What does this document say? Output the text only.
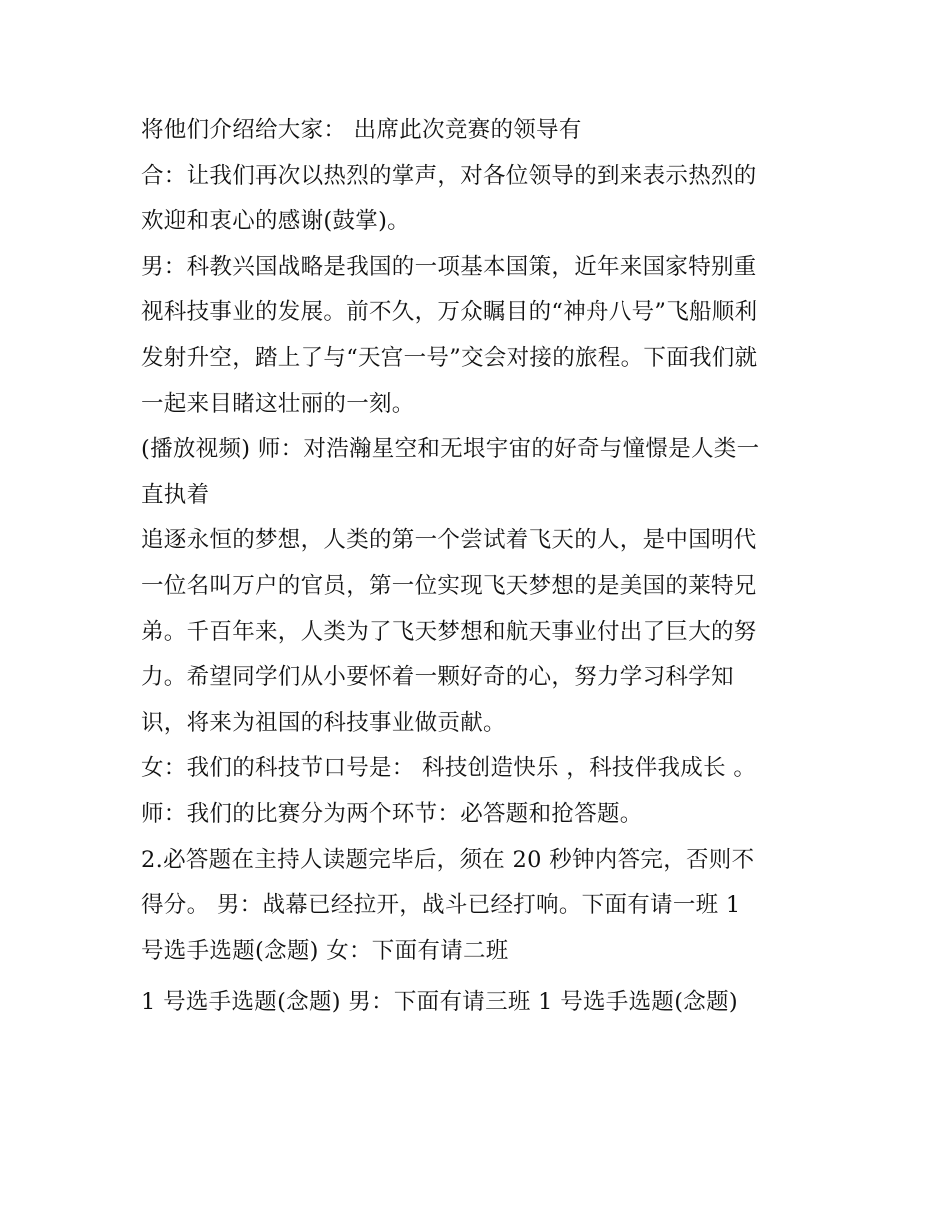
将他们介绍给大家： 出席此次竞赛的领导有
合：让我们再次以热烈的掌声，对各位领导的到来表示热烈的
欢迎和衷心的感谢(鼓掌)。
男：科教兴国战略是我国的一项基本国策，近年来国家特别重
视科技事业的发展。前不久，万众瞩目的“神舟八号”飞船顺利
发射升空，踏上了与“天宫一号”交会对接的旅程。下面我们就
一起来目睹这壮丽的一刻。
(播放视频) 师：对浩瀚星空和无垠宇宙的好奇与憧憬是人类一
直执着
追逐永恒的梦想，人类的第一个尝试着飞天的人，是中国明代
一位名叫万户的官员，第一位实现飞天梦想的是美国的莱特兄
弟。千百年来，人类为了飞天梦想和航天事业付出了巨大的努
力。希望同学们从小要怀着一颗好奇的心，努力学习科学知
识，将来为祖国的科技事业做贡献。
女：我们的科技节口号是： 科技创造快乐 ，科技伴我成长 。
师：我们的比赛分为两个环节：必答题和抢答题。
2.必答题在主持人读题完毕后，须在 20 秒钟内答完，否则不
得分。 男：战幕已经拉开，战斗已经打响。下面有请一班 1
号选手选题(念题) 女：下面有请二班
1 号选手选题(念题) 男：下面有请三班 1 号选手选题(念题)
